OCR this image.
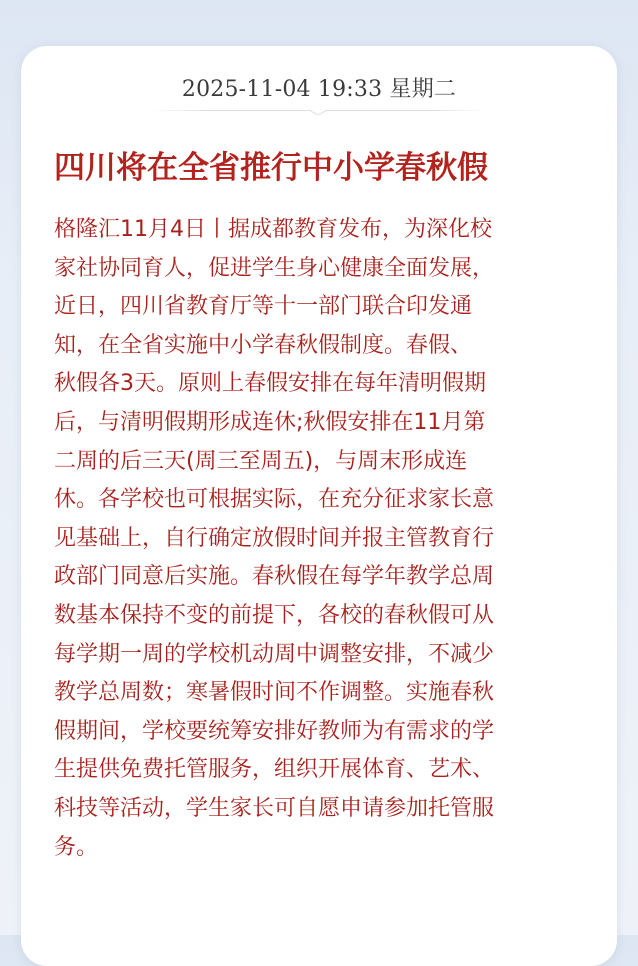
2025-11-04 19:33 星期二
四川将在全省推行中小学春秋假
格隆汇11月4日丨据成都教育发布，为深化校
家社协同育人，促进学生身心健康全面发展，
近日，四川省教育厅等十一部门联合印发通
知，在全省实施中小学春秋假制度。春假、
秋假各3天。原则上春假安排在每年清明假期
后，与清明假期形成连休;秋假安排在11月第
二周的后三天(周三至周五)，与周末形成连
休。各学校也可根据实际，在充分征求家长意
见基础上，自行确定放假时间并报主管教育行
政部门同意后实施。春秋假在每学年教学总周
数基本保持不变的前提下，各校的春秋假可从
每学期一周的学校机动周中调整安排，不减少
教学总周数；寒暑假时间不作调整。实施春秋
假期间，学校要统筹安排好教师为有需求的学
生提供免费托管服务，组织开展体育、艺术、
科技等活动，学生家长可自愿申请参加托管服
务。
